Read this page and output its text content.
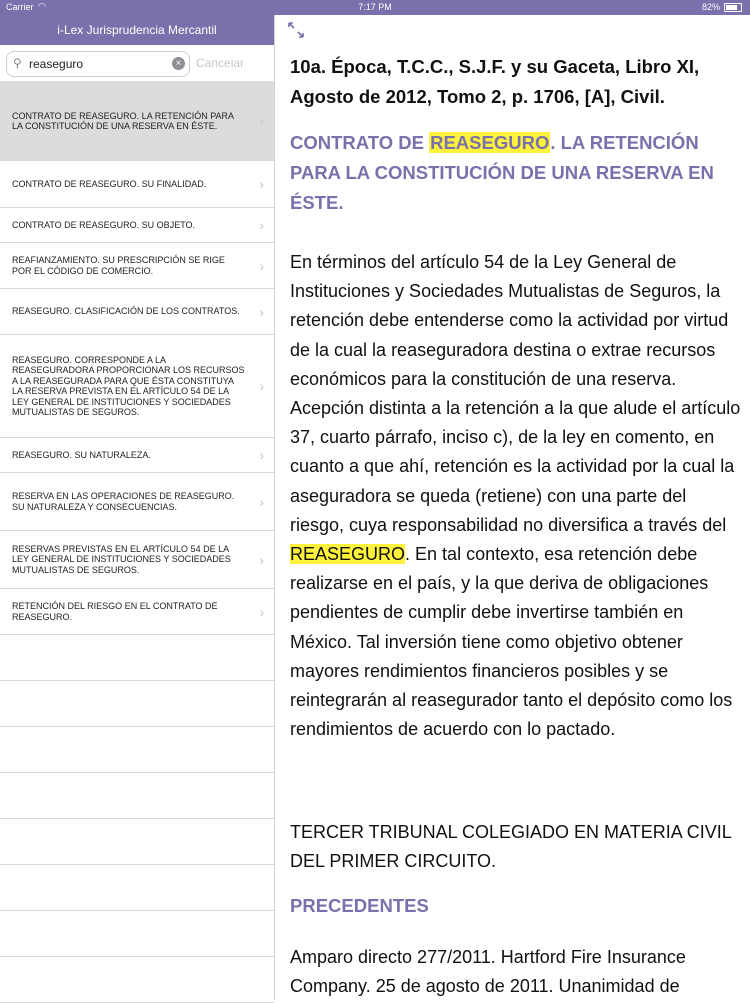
Carrier ◠	7:17 PM	82%
i-Lex Jurisprudencia Mercantil
⚲ reaseguro	× Cancelar
CONTRATO DE REASEGURO. LA RETENCIÓN PARA LA CONSTITUCIÓN DE UNA RESERVA EN ÉSTE.	›
CONTRATO DE REASEGURO. SU FINALIDAD.	›
CONTRATO DE REASEGURO. SU OBJETO.	›
REAFIANZAMIENTO. SU PRESCRIPCIÓN SE RIGE POR EL CÓDIGO DE COMERCIO.	›
REASEGURO. CLASIFICACIÓN DE LOS CONTRATOS. ›
REASEGURO. CORRESPONDE A LA REASEGURADORA PROPORCIONAR LOS RECURSOS A LA REASEGURADA PARA QUE ÉSTA CONSTITUYA LA RESERVA PREVISTA EN EL ARTÍCULO 54 DE LA LEY GENERAL DE INSTITUCIONES Y SOCIEDADES MUTUALISTAS DE SEGUROS.
›
REASEGURO. SU NATURALEZA.	›
RESERVA EN LAS OPERACIONES DE REASEGURO. SU NATURALEZA Y CONSECUENCIAS.	›
RESERVAS PREVISTAS EN EL ARTÍCULO 54 DE LA LEY GENERAL DE INSTITUCIONES Y SOCIEDADES MUTUALISTAS DE SEGUROS.
›
RETENCIÓN DEL RIESGO EN EL CONTRATO DE REASEGURO.	›
10a. Época, T.C.C., S.J.F. y su Gaceta, Libro XI, Agosto de 2012, Tomo 2, p. 1706, [A], Civil.
CONTRATO DE REASEGURO. LA RETENCIÓN PARA LA CONSTITUCIÓN DE UNA RESERVA EN ÉSTE.
En términos del artículo 54 de la Ley General de Instituciones y Sociedades Mutualistas de Seguros, la retención debe entenderse como la actividad por virtud de la cual la reaseguradora destina o extrae recursos económicos para la constitución de una reserva. Acepción distinta a la retención a la que alude el artículo 37, cuarto párrafo, inciso c), de la ley en comento, en cuanto a que ahí, retención es la actividad por la cual la aseguradora se queda (retiene) con una parte del riesgo, cuya responsabilidad no diversifica a través del REASEGURO. En tal contexto, esa retención debe realizarse en el país, y la que deriva de obligaciones pendientes de cumplir debe invertirse también en México. Tal inversión tiene como objetivo obtener mayores rendimientos financieros posibles y se reintegrarán al reasegurador tanto el depósito como los rendimientos de acuerdo con lo pactado.
TERCER TRIBUNAL COLEGIADO EN MATERIA CIVIL DEL PRIMER CIRCUITO.
PRECEDENTES
Amparo directo 277/2011. Hartford Fire Insurance Company. 25 de agosto de 2011. Unanimidad de
